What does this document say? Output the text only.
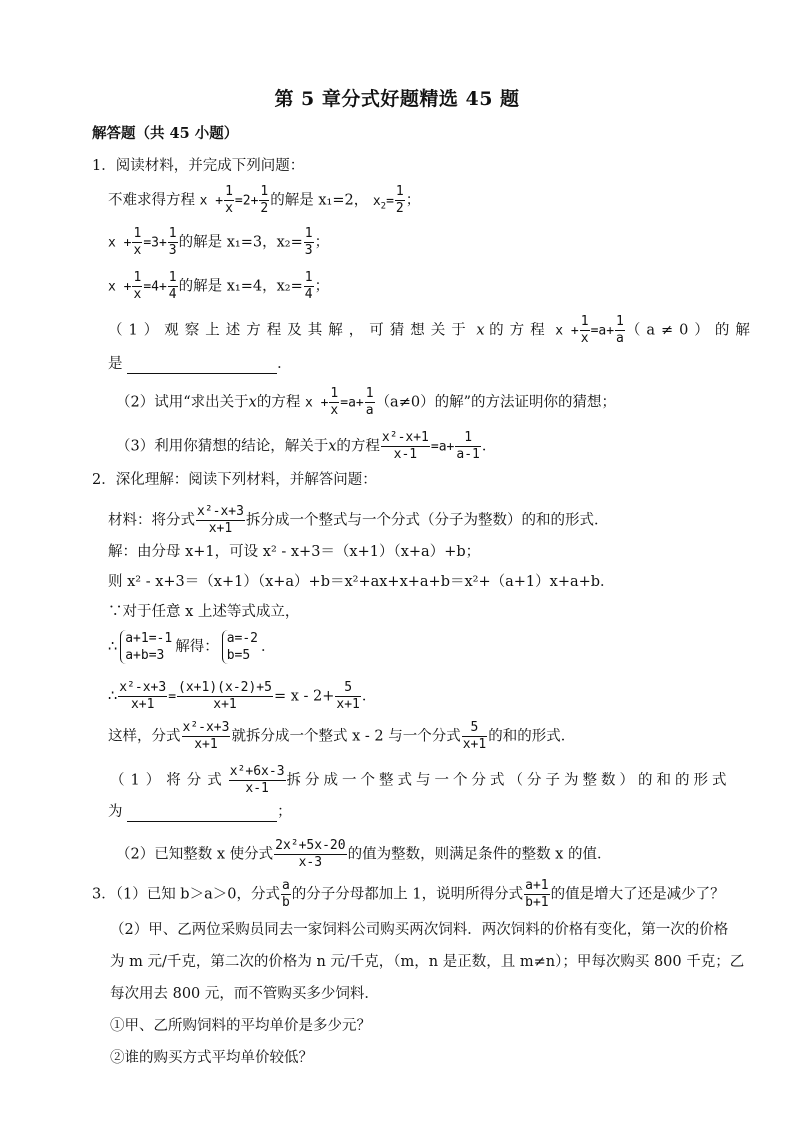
第 5 章分式好题精选 45 题
解答题（共 45 小题）
1．阅读材料，并完成下列问题：
不难求得方程 $x + \frac{1}{x} =2+ \frac{1}{2}$ 的解是 x₁=2， $x_2= \frac{1}{2}$ ；
$x + \frac{1}{x} =3+ \frac{1}{3}$ 的解是 x₁=3，$x_2= \frac{1}{3}$ ；
$x + \frac{1}{x} =4+ \frac{1}{4}$ 的解是 x₁=4，$x_2= \frac{1}{4}$ ；
（1）观察上述方程及其解，可猜想关于 x 的方程 $x + \frac{1}{x} =a+ \frac{1}{a} (a\ne 0)$的解
是	．
（2）试用“求出关于x的方程 $x + \frac{1}{x} =a+ \frac{1}{a} (a\ne 0)$的解”的方法证明你的猜想；
（3）利用你猜想的结论，解关于x的方程 $\frac{\text{x²-x+1}}{x-1} =a+ \frac{1}{a-1}$ ．
2．深化理解：阅读下列材料，并解答问题：
材料：将分式 $\frac{\text{x²-x+3}}{x+1}$ 拆分成一个整式与一个分式（分子为整数）的和的形式．
解：由分母 x+1，可设 x² - x+3＝（x+1）（x+a）+b；
则 x² - x+3＝（x+1）（x+a）+b＝x²+ax+x+a+b＝x²+（a+1）x+a+b．
∵对于任意 x 上述等式成立，
∴
a+1=-1
a+b=3
解得：
a=-2
b=5
．
∴ $\frac{\text{x²-x+3}}{x+1} = \frac{(x+1)(x-2)+5}{x+1} = x - 2+ \frac{5}{x+1}$ ．
这样，分式 $\frac{\text{x²-x+3}}{x+1}$ 就拆分成一个整式 x - 2 与一个分式 $\frac{5}{x+1}$ 的和的形式．
（1）将分式 $\frac{\text{x²+6x-3}}{x-1}$ 拆分成一个整式与一个分式（分子为整数）的和的形式
为	；
（2）已知整数 x 使分式 $\frac{\text{2x²+5x-20}}{x-3}$ 的值为整数，则满足条件的整数 x 的值．
3．（1）已知 b＞a＞0，分式 $\frac{a}{b}$ 的分子分母都加上 1，说明所得分式 $\frac{a+1}{b+1}$ 的值是增大了还是减少了？
（2）甲、乙两位采购员同去一家饲料公司购买两次饲料．两次饲料的价格有变化，第一次的价格
为 m 元/千克，第二次的价格为 n 元/千克，（m，n 是正数，且 m≠n）；甲每次购买 800 千克；乙
每次用去 800 元，而不管购买多少饲料．
①甲、乙所购饲料的平均单价是多少元？
②谁的购买方式平均单价较低？
